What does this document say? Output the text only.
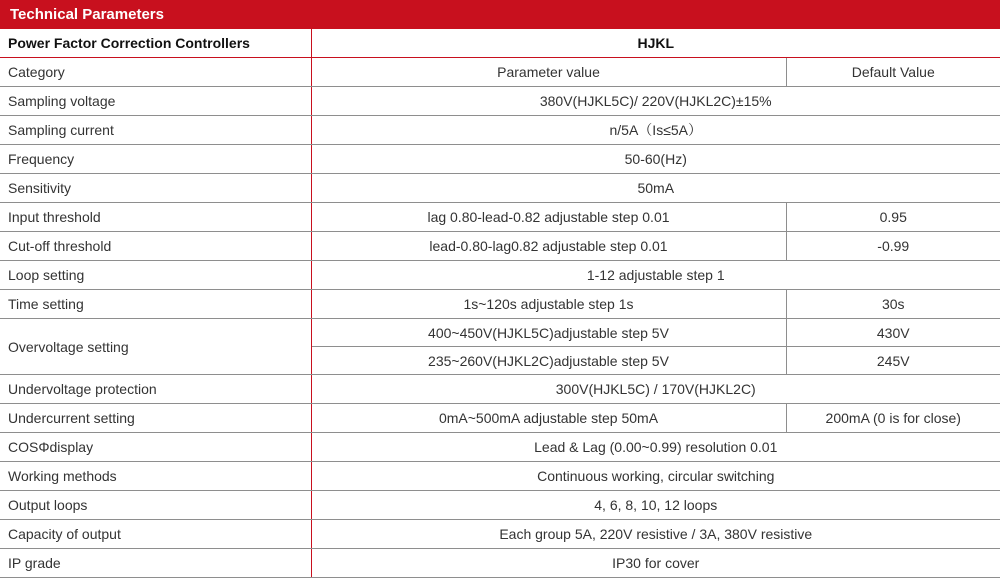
Technical Parameters
Power Factor Correction Controllers	HJKL	
Category	Parameter value	Default Value
Sampling voltage	380V(HJKL5C)/ 220V(HJKL2C)±15%	
Sampling current	n/5A（Is≤5A）	
Frequency	50-60(Hz)	
Sensitivity	50mA	
Input threshold	lag 0.80-lead-0.82 adjustable step 0.01	0.95
Cut-off threshold	lead-0.80-lag0.82 adjustable step 0.01	-0.99
Loop setting	1-12 adjustable step 1	
Time setting	1s~120s adjustable step 1s	30s
Overvoltage setting	400~450V(HJKL5C)adjustable step 5V	430V
	235~260V(HJKL2C)adjustable step 5V	245V
Undervoltage protection	300V(HJKL5C) / 170V(HJKL2C)	
Undercurrent setting	0mA~500mA adjustable step 50mA	200mA (0 is for close)
COSΦdisplay	Lead & Lag (0.00~0.99) resolution 0.01	
Working methods	Continuous working, circular switching	
Output loops	4, 6, 8, 10, 12 loops	
Capacity of output	Each group 5A, 220V resistive / 3A, 380V resistive	
IP grade	IP30 for cover	
